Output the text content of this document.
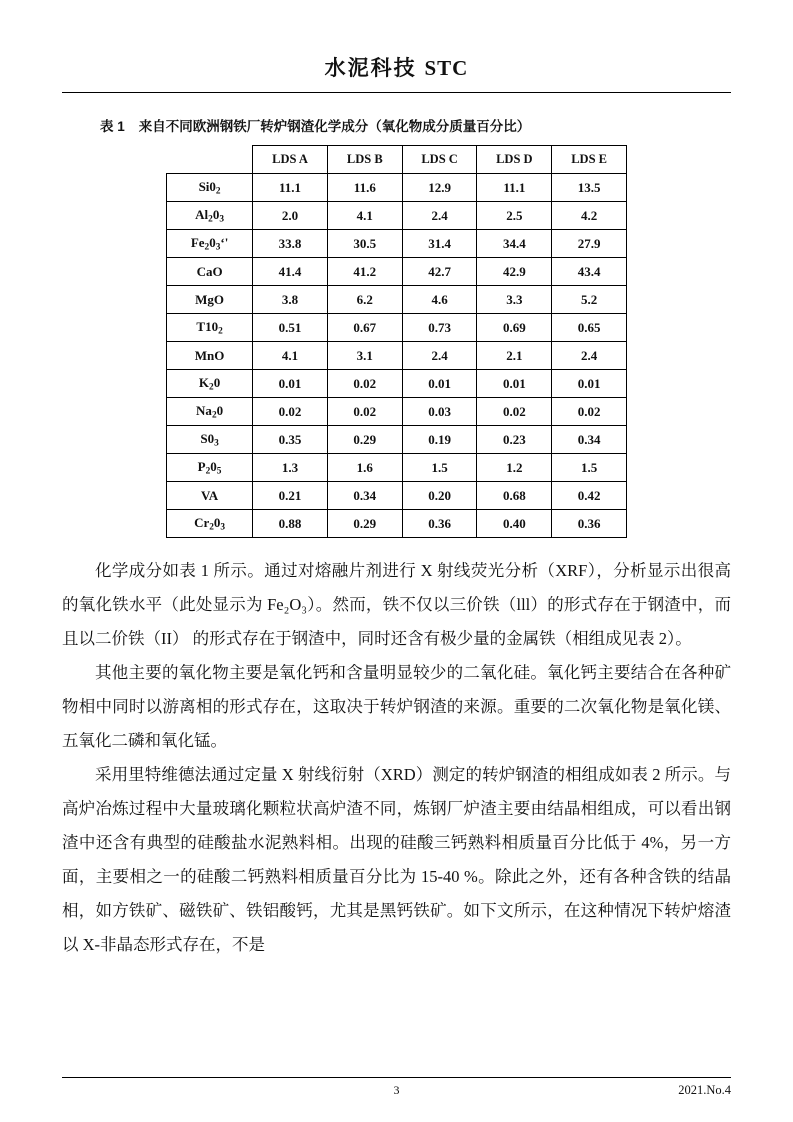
水泥科技 STC
表 1 来自不同欧洲钢铁厂转炉钢渣化学成分（氧化物成分质量百分比）
	LDS A	LDS B	LDS C	LDS D	LDS E
$Si0_2$	11.1	11.6	12.9	11.1	13.5
$Al_20_3$	2.0	4.1	2.4	2.5	4.2
$Fe_20_3‘'$	33.8	30.5	31.4	34.4	27.9
CaO	41.4	41.2	42.7	42.9	43.4
MgO	3.8	6.2	4.6	3.3	5.2
$T10_2$	0.51	0.67	0.73	0.69	0.65
MnO	4.1	3.1	2.4	2.1	2.4
$K_20$	0.01	0.02	0.01	0.01	0.01
$Na_20$	0.02	0.02	0.03	0.02	0.02
$S0_3$	0.35	0.29	0.19	0.23	0.34
$P_20_5$	1.3	1.6	1.5	1.2	1.5
VA	0.21	0.34	0.20	0.68	0.42
$Cr_20_3$	0.88	0.29	0.36	0.40	0.36

化学成分如表 1 所示。通过对熔融片剂进行 X 射线荧光分析（XRF），分析显示出很高的氧化铁水平（此处显示为 Fe₂O₃）。然而，铁不仅以三价铁（lll）的形式存在于钢渣中，而且以二价铁（II） 的形式存在于钢渣中，同时还含有极少量的金属铁（相组成见表 2）。

其他主要的氧化物主要是氧化钙和含量明显较少的二氧化硅。氧化钙主要结合在各种矿物相中同时以游离相的形式存在，这取决于转炉钢渣的来源。重要的二次氧化物是氧化镁、五氧化二磷和氧化锰。

采用里特维德法通过定量 X 射线衍射（XRD）测定的转炉钢渣的相组成如表 2 所示。与高炉冶炼过程中大量玻璃化颗粒状高炉渣不同，炼钢厂炉渣主要由结晶相组成，可以看出钢渣中还含有典型的硅酸盐水泥熟料相。出现的硅酸三钙熟料相质量百分比低于 4%，另一方面，主要相之一的硅酸二钙熟料相质量百分比为 15-40 %。除此之外，还有各种含铁的结晶相，如方铁矿、磁铁矿、铁铝酸钙，尤其是黑钙铁矿。如下文所示，在这种情况下转炉熔渣以 X-非晶态形式存在，不是

3	2021.No.4
